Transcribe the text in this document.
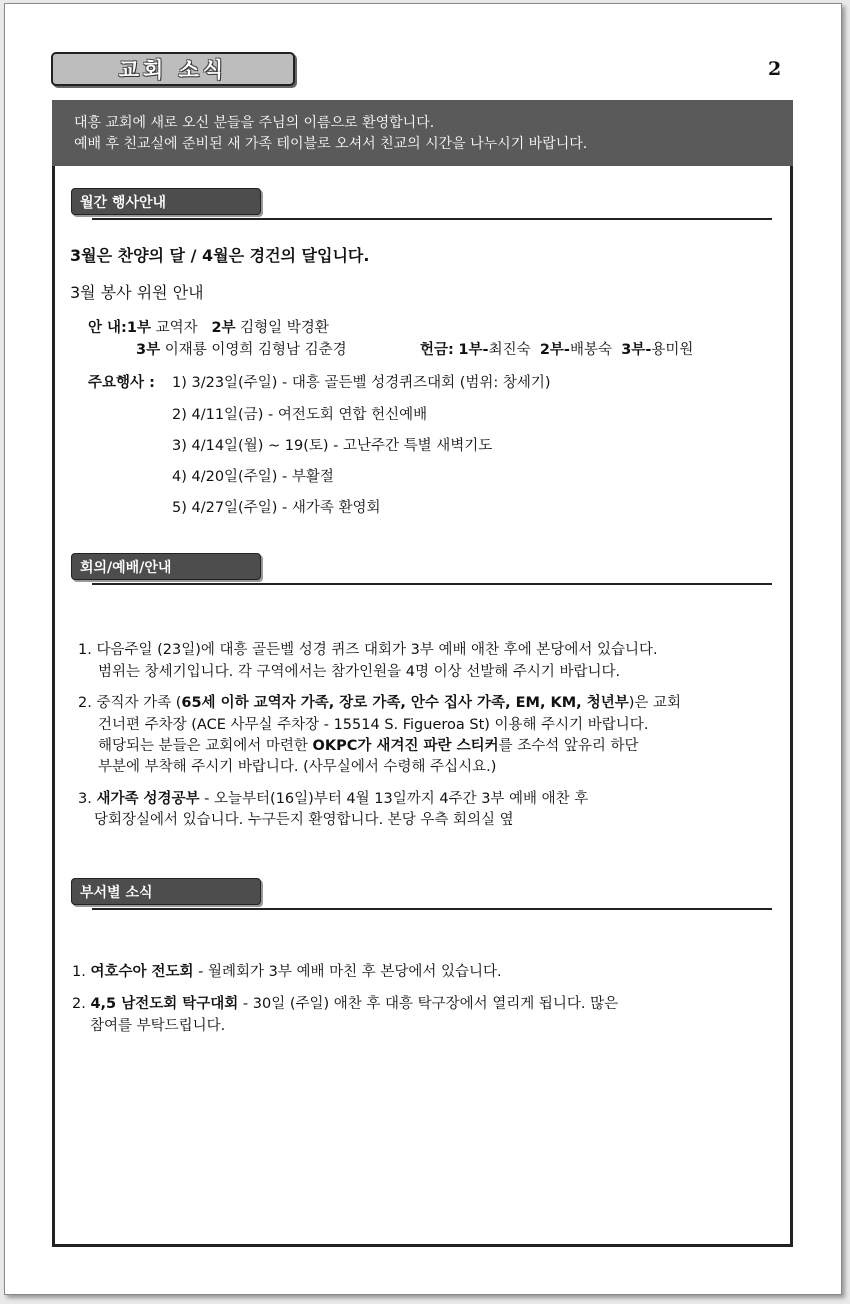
교회 소식	2
대흥 교회에 새로 오신 분들을 주님의 이름으로 환영합니다.
예배 후 친교실에 준비된 새 가족 테이블로 오셔서 친교의 시간을 나누시기 바랍니다.
월간 행사안내
3월은 찬양의 달 / 4월은 경건의 달입니다.
3월 봉사 위원 안내
안 내:1부 교역자 2부 김형일 박경환
3부 이재룡 이영희 김형남 김춘경	헌금: 1부-최진숙 2부-배봉숙 3부-용미원
주요행사 : 1) 3/23일(주일) - 대흥 골든벨 성경퀴즈대회 (범위: 창세기)
2) 4/11일(금) - 여전도회 연합 헌신예배
3) 4/14일(월) ~ 19(토) - 고난주간 특별 새벽기도
4) 4/20일(주일) - 부활절
5) 4/27일(주일) - 새가족 환영회
회의/예배/안내
1. 다음주일 (23일)에 대흥 골든벨 성경 퀴즈 대회가 3부 예배 애찬 후에 본당에서 있습니다.
범위는 창세기입니다. 각 구역에서는 참가인원을 4명 이상 선발해 주시기 바랍니다.
2. 중직자 가족 (65세 이하 교역자 가족, 장로 가족, 안수 집사 가족, EM, KM, 청년부)은 교회
건너편 주차장 (ACE 사무실 주차장 - 15514 S. Figueroa St) 이용해 주시기 바랍니다.
해당되는 분들은 교회에서 마련한 OKPC가 새겨진 파란 스티커를 조수석 앞유리 하단
부분에 부착해 주시기 바랍니다. (사무실에서 수령해 주십시요.)
3. 새가족 성경공부 - 오늘부터(16일)부터 4월 13일까지 4주간 3부 예배 애찬 후
당회장실에서 있습니다. 누구든지 환영합니다. 본당 우측 회의실 옆
부서별 소식
1. 여호수아 전도회 - 월례회가 3부 예배 마친 후 본당에서 있습니다.
2. 4,5 남전도회 탁구대회 - 30일 (주일) 애찬 후 대흥 탁구장에서 열리게 됩니다. 많은
참여를 부탁드립니다.
